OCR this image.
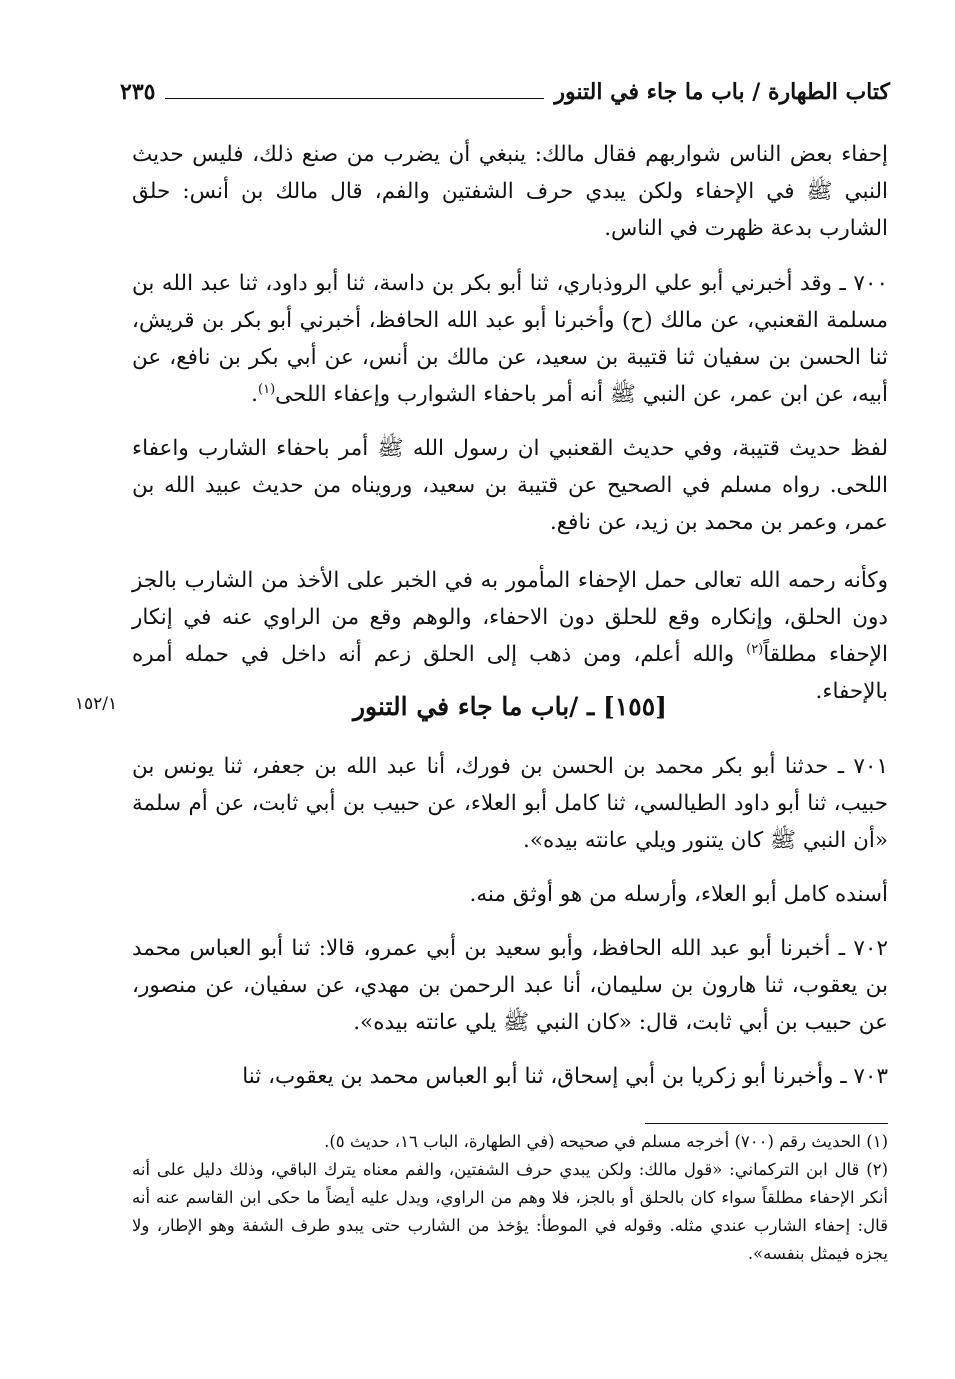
كتاب الطهارة / باب ما جاء في التنور
٢٣٥

إحفاء بعض الناس شواربهم فقال مالك: ينبغي أن يضرب من صنع ذلك، فليس حديث النبي ﷺ في الإحفاء ولكن يبدي حرف الشفتين والفم، قال مالك بن أنس: حلق الشارب بدعة ظهرت في الناس.

٧٠٠ ـ وقد أخبرني أبو علي الروذباري، ثنا أبو بكر بن داسة، ثنا أبو داود، ثنا عبد الله بن مسلمة القعنبي، عن مالك (ح) وأخبرنا أبو عبد الله الحافظ، أخبرني أبو بكر بن قريش، ثنا الحسن بن سفيان ثنا قتيبة بن سعيد، عن مالك بن أنس، عن أبي بكر بن نافع، عن أبيه، عن ابن عمر، عن النبي ﷺ أنه أمر باحفاء الشوارب وإعفاء اللحى$^{(١)}$.

لفظ حديث قتيبة، وفي حديث القعنبي ان رسول الله ﷺ أمر باحفاء الشارب واعفاء اللحى. رواه مسلم في الصحيح عن قتيبة بن سعيد، ورويناه من حديث عبيد الله بن عمر، وعمر بن محمد بن زيد، عن نافع.

وكأنه رحمه الله تعالى حمل الإحفاء المأمور به في الخبر على الأخذ من الشارب بالجز دون الحلق، وإنكاره وقع للحلق دون الاحفاء، والوهم وقع من الراوي عنه في إنكار الإحفاء مطلقاً$^{(٢)}$ والله أعلم، ومن ذهب إلى الحلق زعم أنه داخل في حمله أمره بالإحفاء.

[١٥٥] ـ /باب ما جاء في التنور
١٥٢/١

٧٠١ ـ حدثنا أبو بكر محمد بن الحسن بن فورك، أنا عبد الله بن جعفر، ثنا يونس بن حبيب، ثنا أبو داود الطيالسي، ثنا كامل أبو العلاء، عن حبيب بن أبي ثابت، عن أم سلمة «أن النبي ﷺ كان يتنور ويلي عانته بيده».

أسنده كامل أبو العلاء، وأرسله من هو أوثق منه.

٧٠٢ ـ أخبرنا أبو عبد الله الحافظ، وأبو سعيد بن أبي عمرو، قالا: ثنا أبو العباس محمد بن يعقوب، ثنا هارون بن سليمان، أنا عبد الرحمن بن مهدي، عن سفيان، عن منصور، عن حبيب بن أبي ثابت، قال: «كان النبي ﷺ يلي عانته بيده».

٧٠٣ ـ وأخبرنا أبو زكريا بن أبي إسحاق، ثنا أبو العباس محمد بن يعقوب، ثنا

(١) الحديث رقم (٧٠٠) أخرجه مسلم في صحيحه (في الطهارة، الباب ١٦، حديث ٥).

(٢) قال ابن التركماني: «قول مالك: ولكن يبدي حرف الشفتين، والفم معناه يترك الباقي، وذلك دليل على أنه أنكر الإحفاء مطلقاً سواء كان بالحلق أو بالجز، فلا وهم من الراوي، ويدل عليه أيضاً ما حكى ابن القاسم عنه أنه قال: إحفاء الشارب عندي مثله. وقوله في الموطأ: يؤخذ من الشارب حتى يبدو طرف الشفة وهو الإطار، ولا يجزه فيمثل بنفسه».
